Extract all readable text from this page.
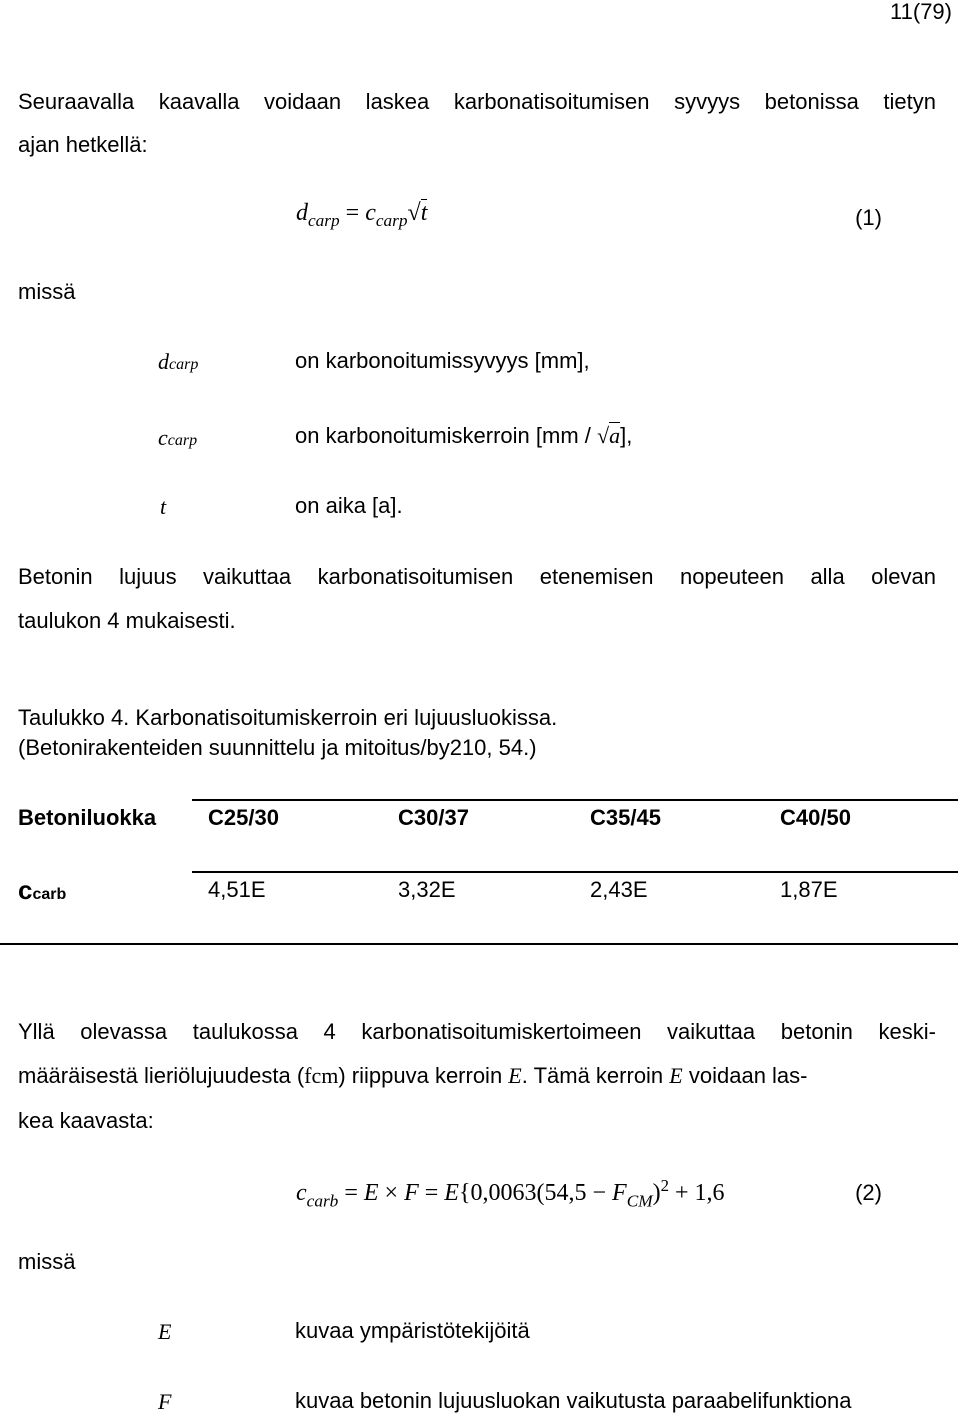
11(79)
Seuraavalla kaavalla voidaan laskea karbonatisoitumisen syvyys betonissa tietyn
ajan hetkellä:
$d_{carp} = c_{carp}√t$	(1)
missä
dcarp	on karbonoitumissyvyys [mm],
ccarp	on karbonoitumiskerroin [mm / √a],
t	on aika [a].
Betonin lujuus vaikuttaa karbonatisoitumisen etenemisen nopeuteen alla olevan
taulukon 4 mukaisesti.
Taulukko 4. Karbonatisoitumiskerroin eri lujuusluokissa.
(Betonirakenteiden suunnittelu ja mitoitus/by210, 54.)
Betoniluokka C25/30	C30/37	C35/45	C40/50
ccarb	4,51E	3,32E	2,43E	1,87E
Yllä olevassa taulukossa 4 karbonatisoitumiskertoimeen vaikuttaa betonin keski-
määräisestä lieriölujuudesta (fcm) riippuva kerroin E. Tämä kerroin E voidaan las-
kea kaavasta:
$c_{carb} = E \times F = E\{0,0063(54,5 - F_{CM})^2 + 1,6$	(2)
missä
E	kuvaa ympäristötekijöitä
F	kuvaa betonin lujuusluokan vaikutusta paraabelifunktiona
